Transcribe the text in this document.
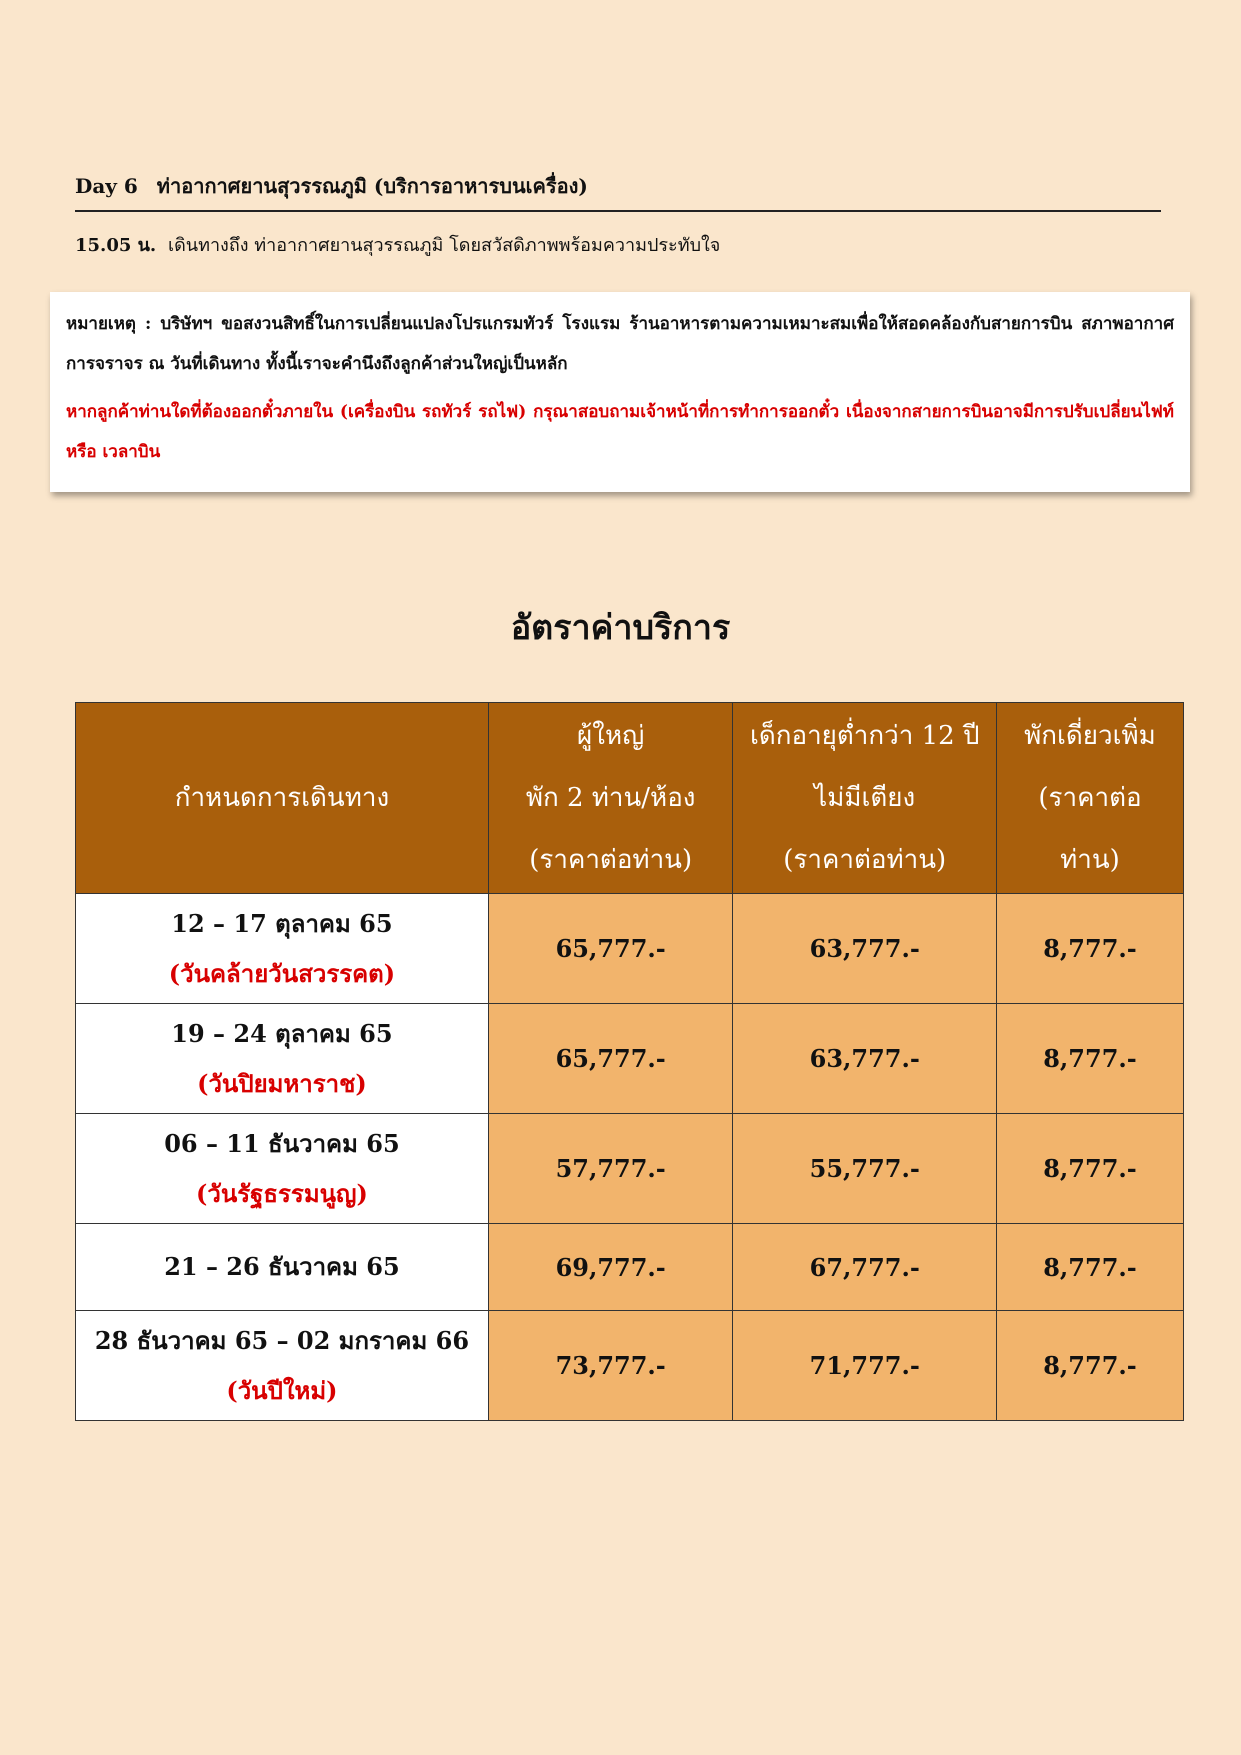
Day 6 ท่าอากาศยานสุวรรณภูมิ (บริการอาหารบนเครื่อง)
15.05 น. เดินทางถึง ท่าอากาศยานสุวรรณภูมิ โดยสวัสดิภาพพร้อมความประทับใจ

หมายเหตุ : บริษัทฯ ขอสงวนสิทธิ์ในการเปลี่ยนแปลงโปรแกรมทัวร์ โรงแรม ร้านอาหารตามความเหมาะสมเพื่อให้สอดคล้องกับสายการบิน สภาพอากาศ การจราจร ณ วันที่เดินทาง ทั้งนี้เราจะคำนึงถึงลูกค้าส่วนใหญ่เป็นหลัก

หากลูกค้าท่านใดที่ต้องออกตั๋วภายใน (เครื่องบิน รถทัวร์ รถไฟ) กรุณาสอบถามเจ้าหน้าที่การทำการออกตั๋ว เนื่องจากสายการบินอาจมีการปรับเปลี่ยนไฟท์ หรือ เวลาบิน

อัตราค่าบริการ
กำหนดการเดินทาง	ผู้ใหญ่
พัก 2 ท่าน/ห้อง
(ราคาต่อท่าน)	เด็กอายุต่ำกว่า 12 ปี
ไม่มีเตียง
(ราคาต่อท่าน)	พักเดี่ยวเพิ่ม
(ราคาต่อ
ท่าน)

12 – 17 ตุลาคม 65
(วันคล้ายวันสวรรคต)	65,777.-	63,777.-	8,777.-

19 – 24 ตุลาคม 65
(วันปิยมหาราช)	65,777.-	63,777.-	8,777.-

06 – 11 ธันวาคม 65
(วันรัฐธรรมนูญ)	57,777.-	55,777.-	8,777.-

21 – 26 ธันวาคม 65	69,777.-	67,777.-	8,777.-

28 ธันวาคม 65 – 02 มกราคม 66
(วันปีใหม่)	73,777.-	71,777.-	8,777.-
